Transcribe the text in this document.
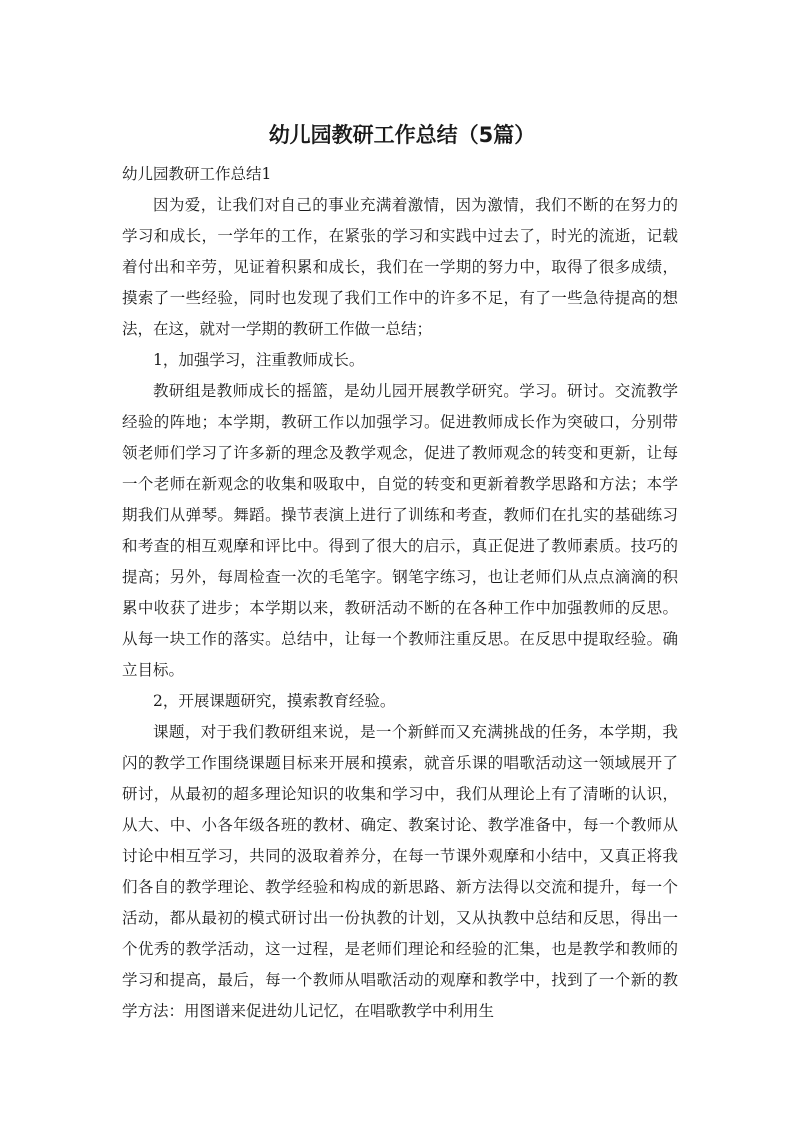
幼儿园教研工作总结（5篇）

幼儿园教研工作总结1

因为爱，让我们对自己的事业充满着激情，因为激情，我们不断的在努力的学习和成长，一学年的工作，在紧张的学习和实践中过去了，时光的流逝，记载着付出和辛劳，见证着积累和成长，我们在一学期的努力中，取得了很多成绩，摸索了一些经验，同时也发现了我们工作中的许多不足，有了一些急待提高的想法，在这，就对一学期的教研工作做一总结；

1，加强学习，注重教师成长。

教研组是教师成长的摇篮，是幼儿园开展教学研究。学习。研讨。交流教学经验的阵地；本学期，教研工作以加强学习。促进教师成长作为突破口，分别带领老师们学习了许多新的理念及教学观念，促进了教师观念的转变和更新，让每一个老师在新观念的收集和吸取中，自觉的转变和更新着教学思路和方法；本学期我们从弹琴。舞蹈。操节表演上进行了训练和考查，教师们在扎实的基础练习和考查的相互观摩和评比中。得到了很大的启示，真正促进了教师素质。技巧的提高；另外，每周检查一次的毛笔字。钢笔字练习，也让老师们从点点滴滴的积累中收获了进步；本学期以来，教研活动不断的在各种工作中加强教师的反思。从每一块工作的落实。总结中，让每一个教师注重反思。在反思中提取经验。确立目标。

2，开展课题研究，摸索教育经验。

课题，对于我们教研组来说，是一个新鲜而又充满挑战的任务，本学期，我闪的教学工作围绕课题目标来开展和摸索，就音乐课的唱歌活动这一领域展开了研讨，从最初的超多理论知识的收集和学习中，我们从理论上有了清晰的认识，从大、中、小各年级各班的教材、确定、教案讨论、教学准备中，每一个教师从讨论中相互学习，共同的汲取着养分，在每一节课外观摩和小结中，又真正将我们各自的教学理论、教学经验和构成的新思路、新方法得以交流和提升，每一个活动，都从最初的模式研讨出一份执教的计划，又从执教中总结和反思，得出一个优秀的教学活动，这一过程，是老师们理论和经验的汇集，也是教学和教师的学习和提高，最后，每一个教师从唱歌活动的观摩和教学中，找到了一个新的教学方法：用图谱来促进幼儿记忆，在唱歌教学中利用生
